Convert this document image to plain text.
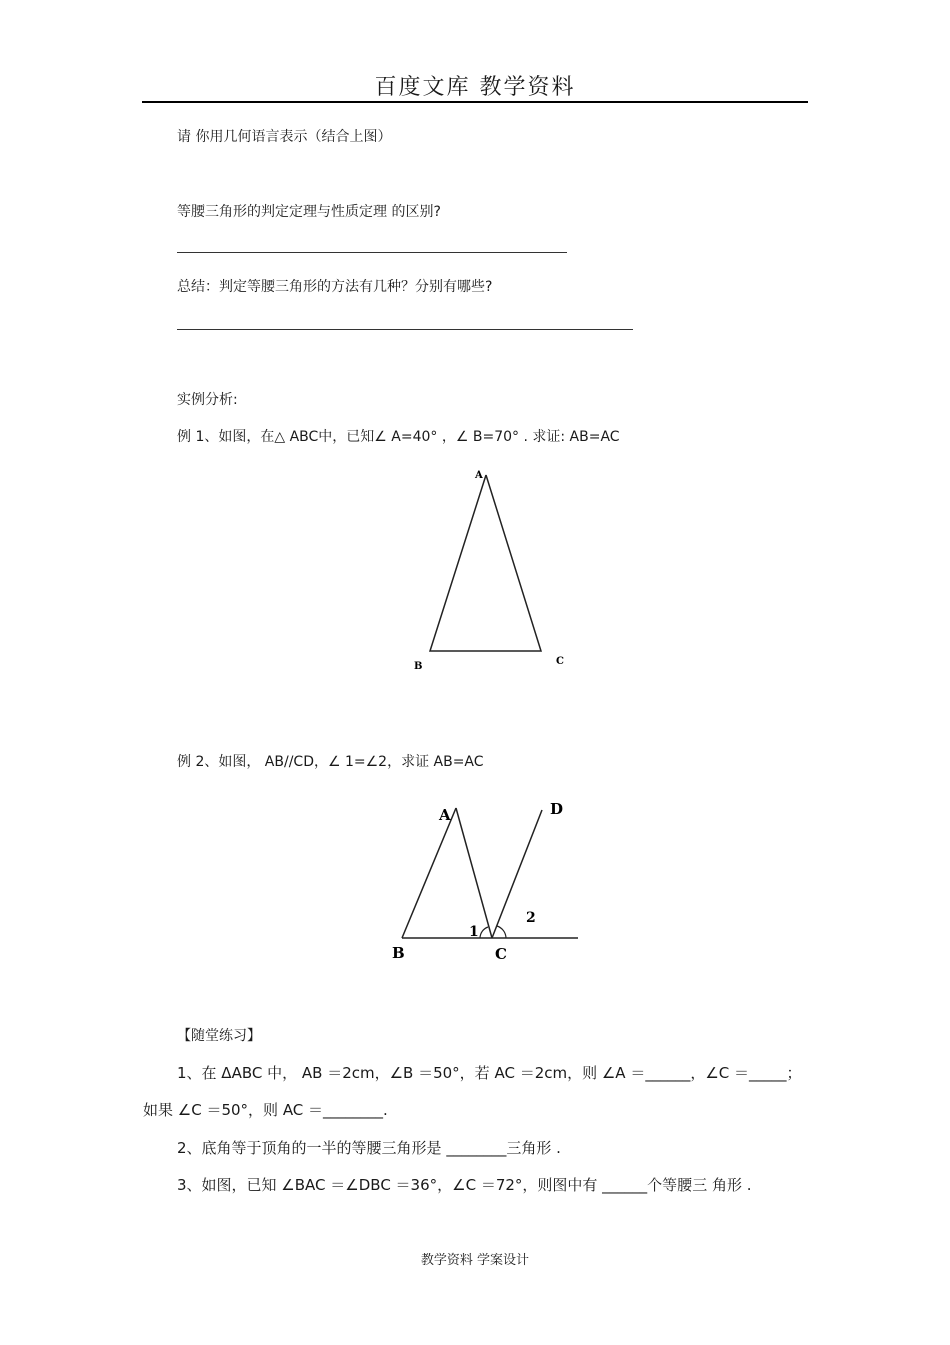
百度文库 教学资料
请 你用几何语言表示（结合上图）
等腰三角形的判定定理与性质定理 的区别?
总结：判定等腰三角形的方法有几种？分别有哪些?
实例分析:
例 1、如图，在△ ABC中，已知∠ A=40° ，∠ B=70° . 求证: AB=AC
A
B	C
例 2、如图， AB//CD，∠ 1=∠2，求证 AB=AC
A
B	C
D
1
2
【随堂练习】
1、在 ΔABC 中， AB ＝2cm，∠B ＝50°，若 AC ＝2cm，则 ∠A ＝______，∠C ＝_____；
如果 ∠C ＝50°，则 AC ＝________.
2、底角等于顶角的一半的等腰三角形是 ________三角形 .
3、如图，已知 ∠BAC ＝∠DBC ＝36°，∠C ＝72°，则图中有 ______个等腰三 角形 .
教学资料 学案设计
